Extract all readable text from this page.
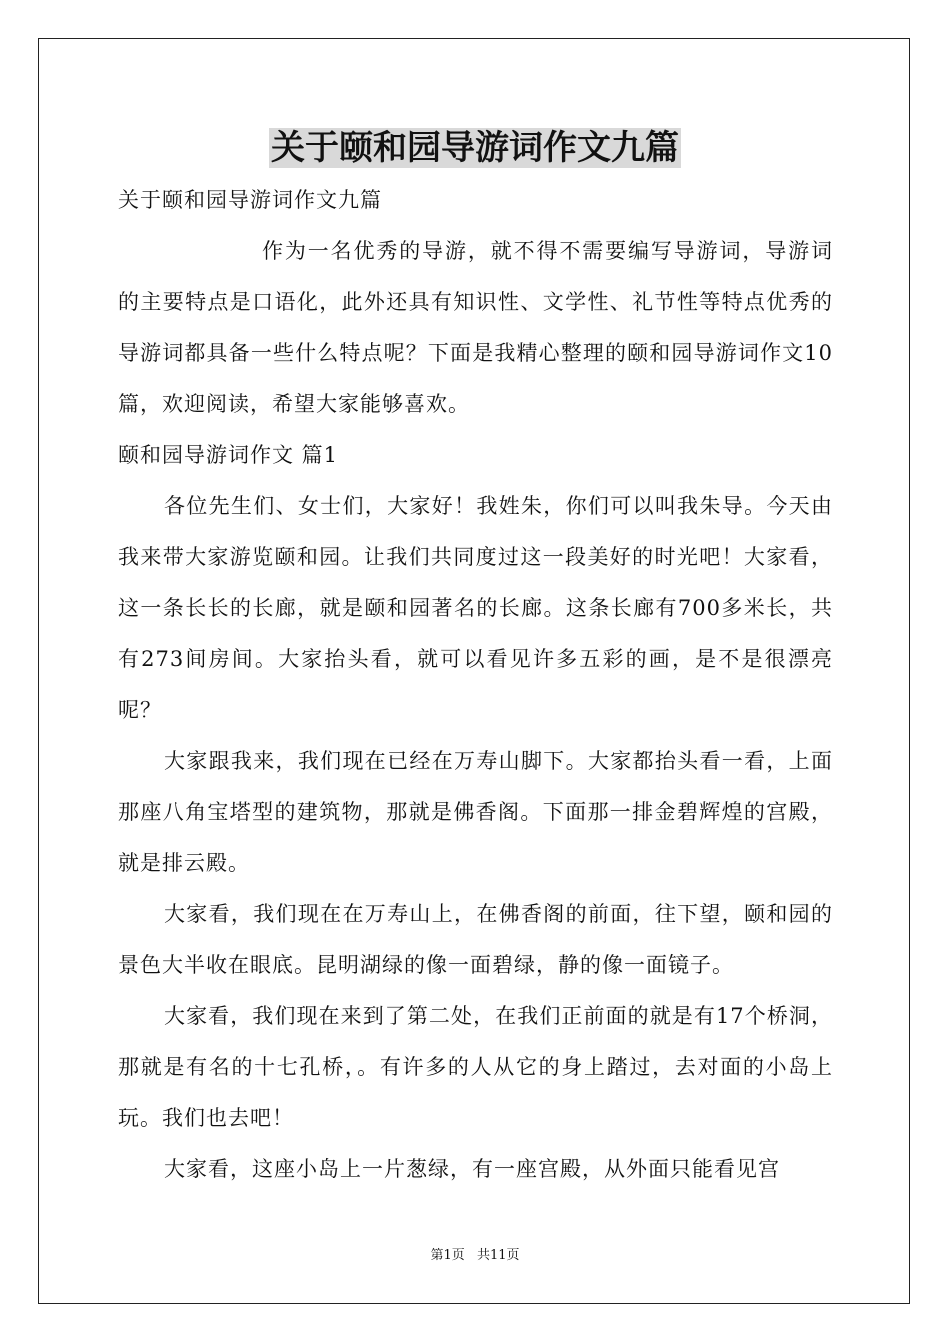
关于颐和园导游词作文九篇

关于颐和园导游词作文九篇

作为一名优秀的导游，就不得不需要编写导游词，导游词的主要特点是口语化，此外还具有知识性、文学性、礼节性等特点优秀的导游词都具备一些什么特点呢？下面是我精心整理的颐和园导游词作文10篇，欢迎阅读，希望大家能够喜欢。

颐和园导游词作文 篇1

各位先生们、女士们，大家好！我姓朱，你们可以叫我朱导。今天由我来带大家游览颐和园。让我们共同度过这一段美好的时光吧！大家看，这一条长长的长廊，就是颐和园著名的长廊。这条长廊有700多米长，共有273间房间。大家抬头看，就可以看见许多五彩的画，是不是很漂亮呢？

大家跟我来，我们现在已经在万寿山脚下。大家都抬头看一看，上面那座八角宝塔型的建筑物，那就是佛香阁。下面那一排金碧辉煌的宫殿，就是排云殿。

大家看，我们现在在万寿山上，在佛香阁的前面，往下望，颐和园的景色大半收在眼底。昆明湖绿的像一面碧绿，静的像一面镜子。

大家看，我们现在来到了第二处，在我们正前面的就是有17个桥洞，那就是有名的十七孔桥，。有许多的人从它的身上踏过，去对面的小岛上玩。我们也去吧！

大家看，这座小岛上一片葱绿，有一座宫殿，从外面只能看见宫

第1页 共11页
